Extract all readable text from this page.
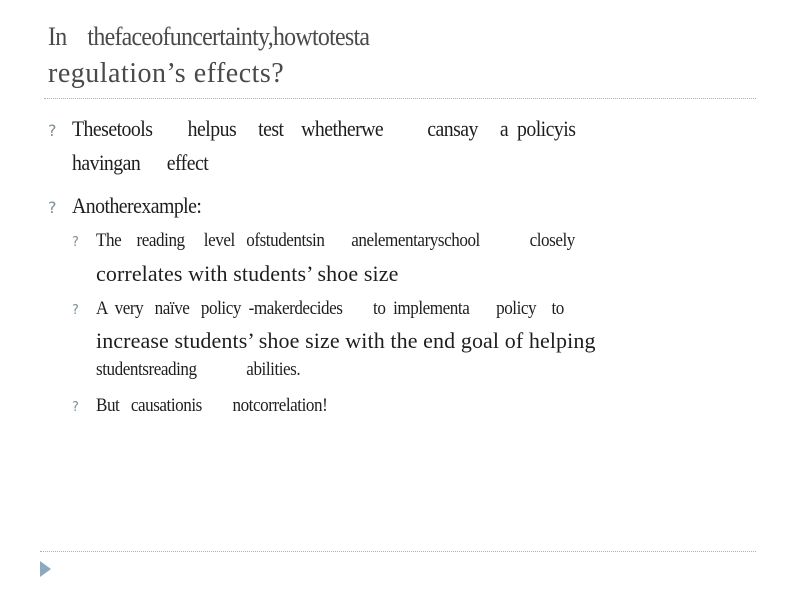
In    thefaceofuncertainty,howtotesta
regulation’s effects?
? Thesetools        helpus     test    whetherwe          cansay     a  policyis
havingan      effect
? Anotherexample:
? The    reading     level   ofstudentsin       anelementaryschool             closely
correlates with students’ shoe size
? A  very   naïve   policy  -makerdecides        to  implementa       policy    to
increase students’ shoe size with the end goal of helping
studentsreading             abilities.
? But   causationis        notcorrelation!
